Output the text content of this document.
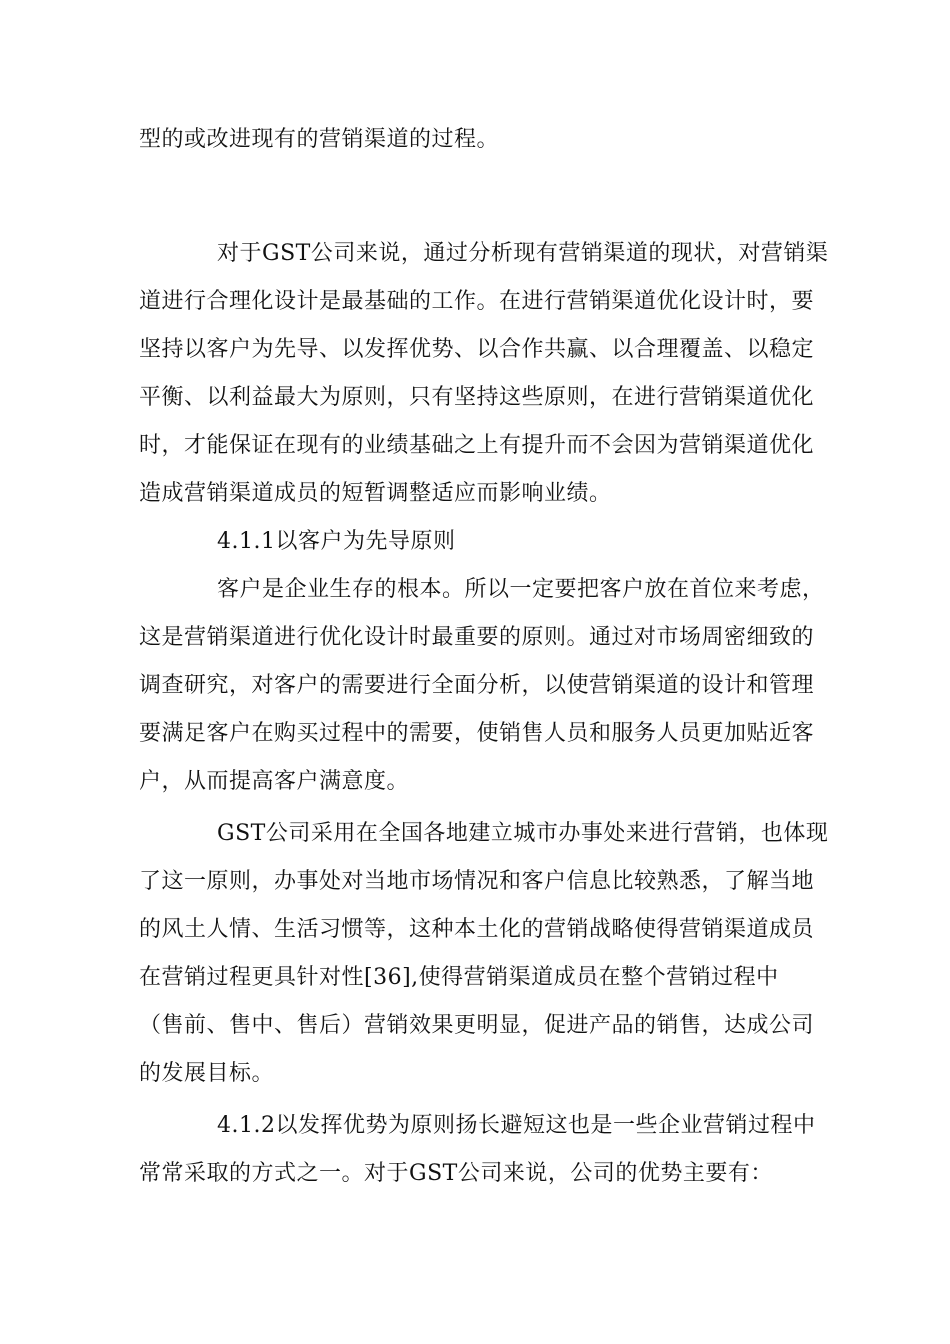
型的或改进现有的营销渠道的过程。
对于GST公司来说，通过分析现有营销渠道的现状，对营销渠
道进行合理化设计是最基础的工作。在进行营销渠道优化设计时，要
坚持以客户为先导、以发挥优势、以合作共赢、以合理覆盖、以稳定
平衡、以利益最大为原则，只有坚持这些原则，在进行营销渠道优化
时，才能保证在现有的业绩基础之上有提升而不会因为营销渠道优化
造成营销渠道成员的短暂调整适应而影响业绩。
4.1.1以客户为先导原则
客户是企业生存的根本。所以一定要把客户放在首位来考虑，
这是营销渠道进行优化设计时最重要的原则。通过对市场周密细致的
调查研究，对客户的需要进行全面分析，以使营销渠道的设计和管理
要满足客户在购买过程中的需要，使销售人员和服务人员更加贴近客
户，从而提高客户满意度。
GST公司采用在全国各地建立城市办事处来进行营销，也体现
了这一原则，办事处对当地市场情况和客户信息比较熟悉，了解当地
的风土人情、生活习惯等，这种本土化的营销战略使得营销渠道成员
在营销过程更具针对性[36],使得营销渠道成员在整个营销过程中
（售前、售中、售后）营销效果更明显，促进产品的销售，达成公司
的发展目标。
4.1.2以发挥优势为原则扬长避短这也是一些企业营销过程中
常常采取的方式之一。对于GST公司来说，公司的优势主要有：
